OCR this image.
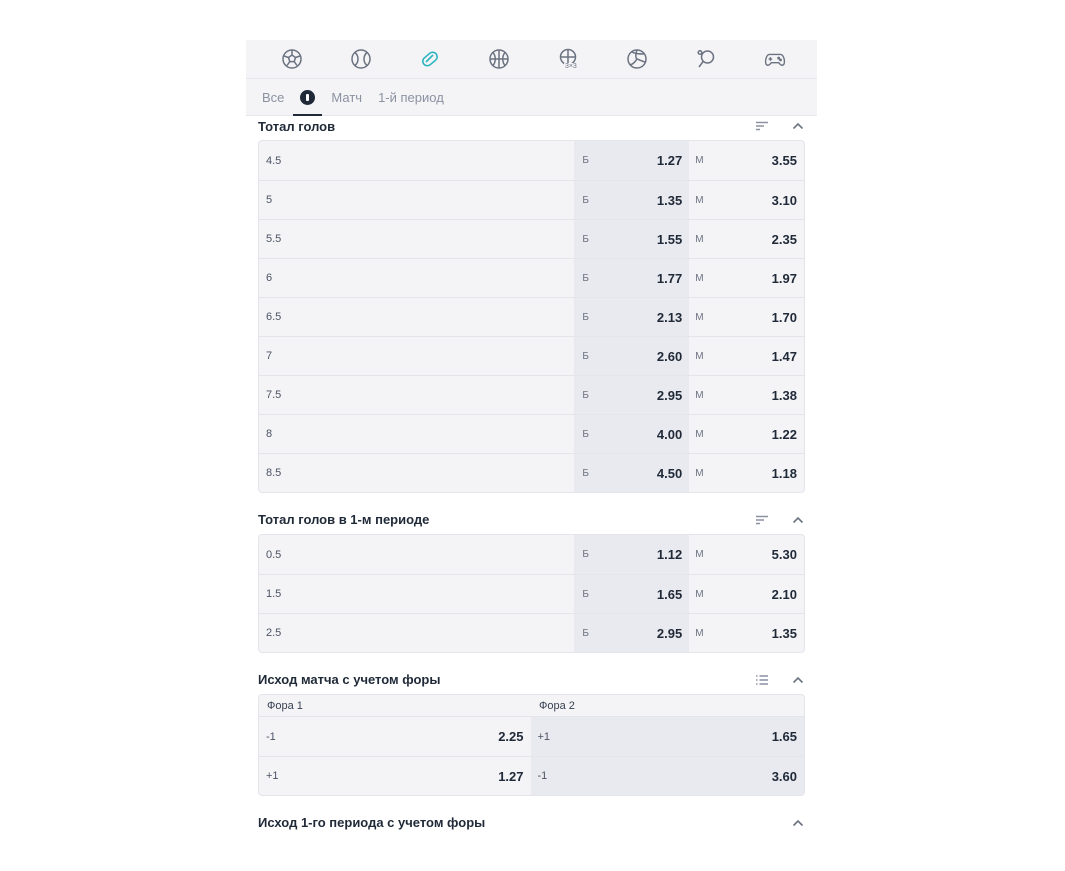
3×3
Все	Матч 1-й период
Тотал голов
4.5	Б	1.27 М	3.55
5	Б	1.35 М	3.10
5.5	Б	1.55 М	2.35
6	Б	1.77 М	1.97
6.5	Б	2.13 М	1.70
7	Б	2.60 М	1.47
7.5	Б	2.95 М	1.38
8	Б	4.00 М	1.22
8.5	Б	4.50 М	1.18
Тотал голов в 1-м периоде
0.5	Б	1.12 М	5.30
1.5	Б	1.65 М	2.10
2.5	Б	2.95 М	1.35
Исход матча с учетом форы
Фора 1	Фора 2
-1	2.25 +1	1.65
+1	1.27 -1	3.60
Исход 1-го периода с учетом форы
